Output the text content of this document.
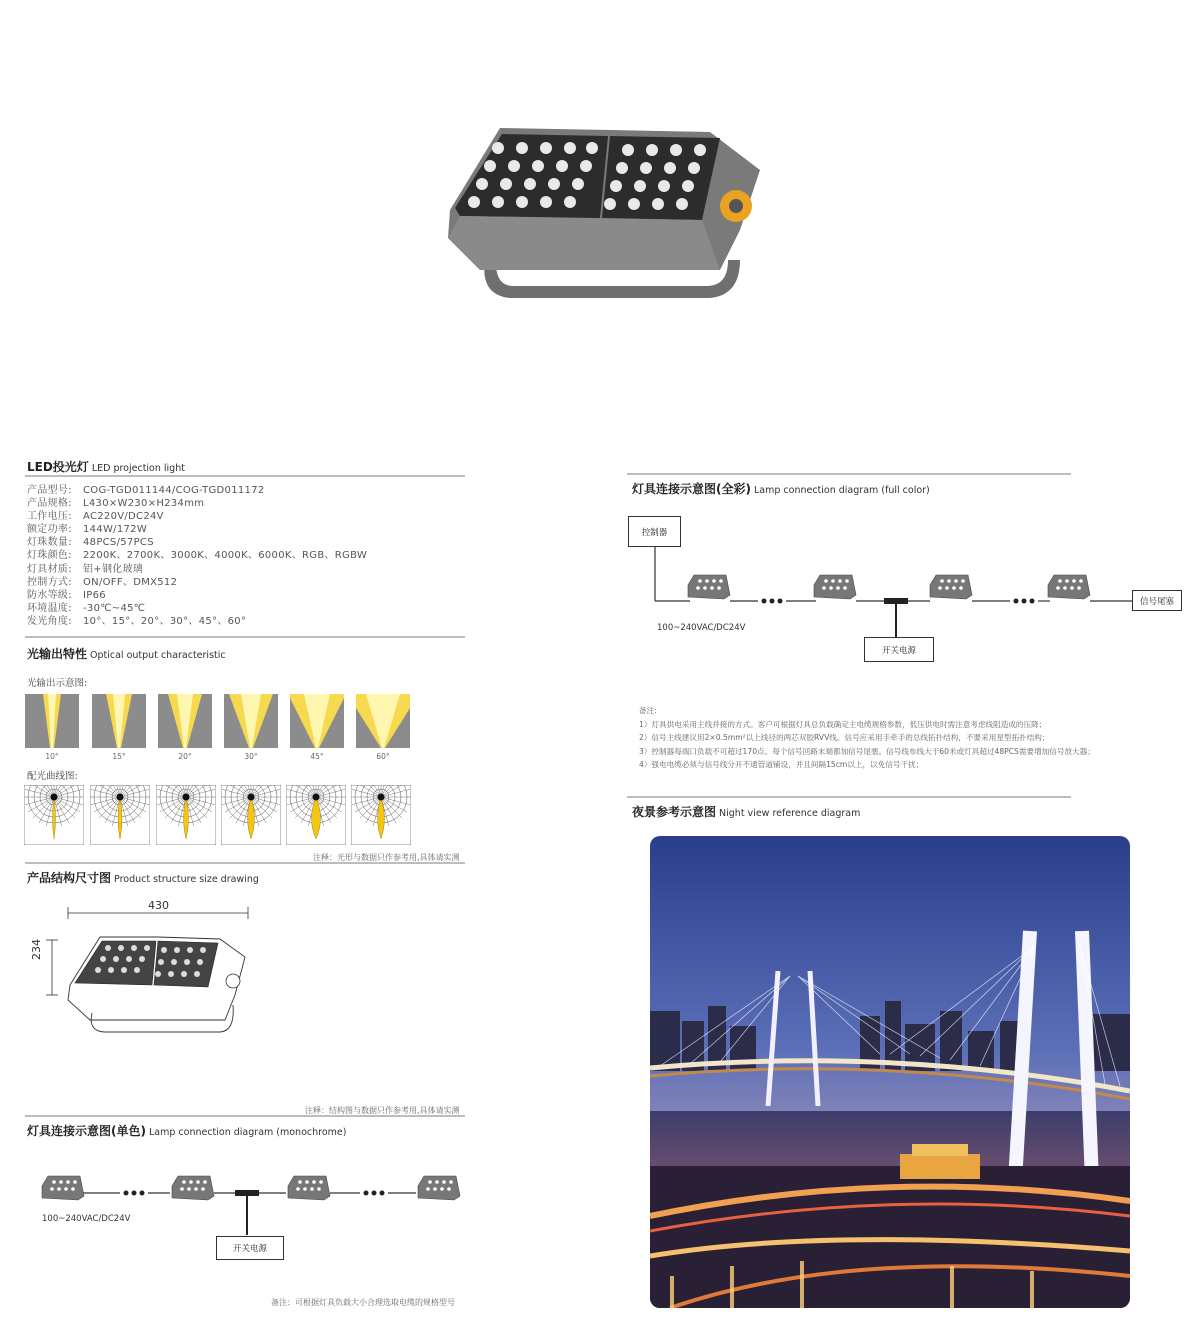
LED投光灯 LED projection light
产品型号:	COG-TGD011144/COG-TGD011172
产品规格:	L430×W230×H234mm
工作电压:	AC220V/DC24V
额定功率:	144W/172W
灯珠数量:	48PCS/57PCS
灯珠颜色:	2200K、2700K、3000K、4000K、6000K、RGB、RGBW
灯具材质:	铝+钢化玻璃
控制方式:	ON/OFF、DMX512
防水等级:	IP66
环境温度:	-30℃~45℃
发光角度:	10°、15°、20°、30°、45°、60°
光输出特性 Optical output characteristic
光输出示意图:
10°	15°	20°	30°	45°	60°
配光曲线图:
注释：光形与数据只作参考用,具体请实测
产品结构尺寸图 Product structure size drawing
430
234
注释：结构图与数据只作参考用,具体请实测
灯具连接示意图(单色) Lamp connection diagram (monochrome)
100~240VAC/DC24V
开关电源
备注：可根据灯具负载大小合理选取电缆的规格型号
灯具连接示意图(全彩) Lamp connection diagram (full color)
控制器
信号尾塞
100~240VAC/DC24V
开关电源
备注:
1）灯具供电采用主线并接的方式。客户可根据灯具总负载确定主电缆规格参数，低压供电时需注意考虑线阻造成的压降；
2）信号主线建议用2×0.5mm²以上线径的两芯双胶RVV线。信号应采用手牵手的总线拓扑结构，不要采用星型拓扑结构；
3）控制器每端口负载不可超过170点。每个信号回路末端都加信号尾塞。信号线布线大于60米或灯具超过48PCS需要增加信号放大器；
4）强电电缆必须与信号线分开不通管道铺设，并且间隔15cm以上，以免信号干扰；
夜景参考示意图 Night view reference diagram
